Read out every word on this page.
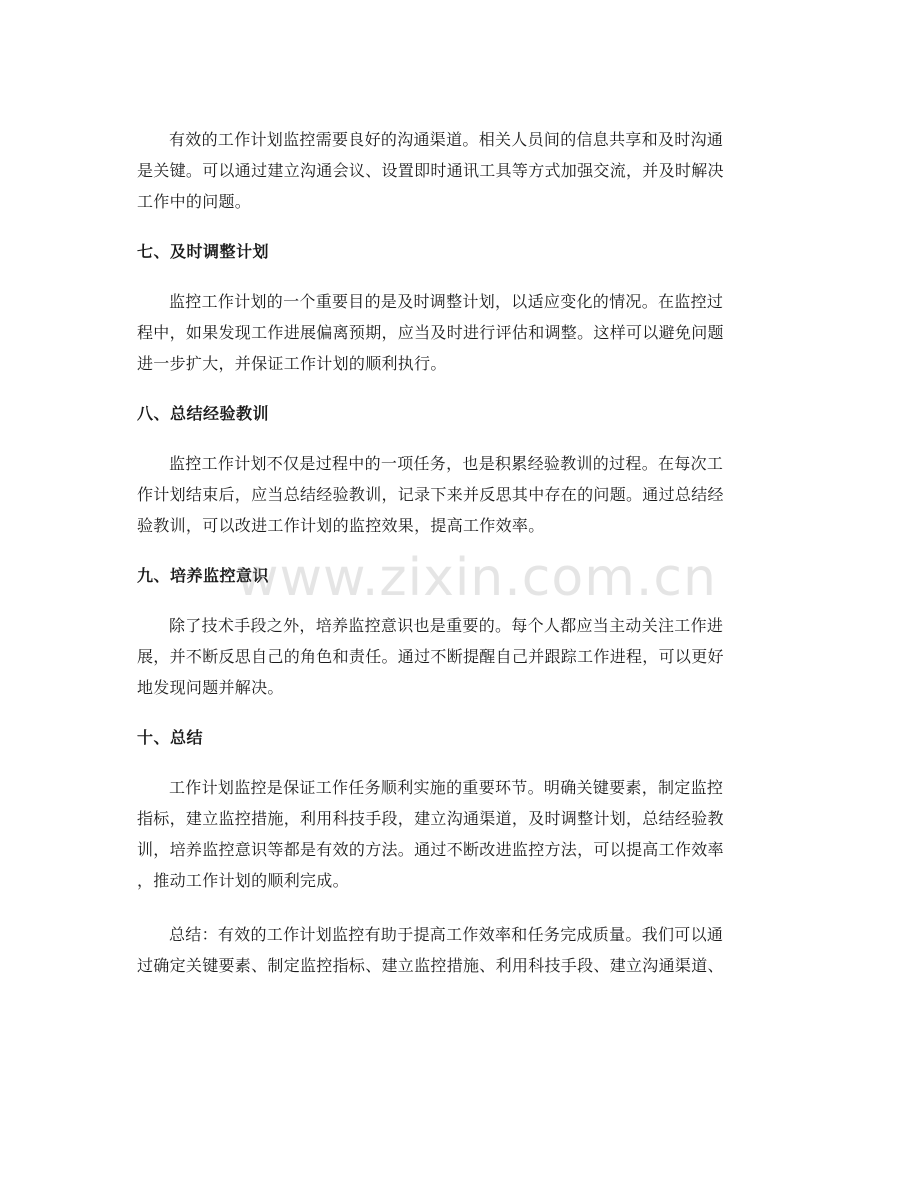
有效的工作计划监控需要良好的沟通渠道。相关人员间的信息共享和及时沟通
是关键。可以通过建立沟通会议、设置即时通讯工具等方式加强交流，并及时解决
工作中的问题。

七、及时调整计划

监控工作计划的一个重要目的是及时调整计划，以适应变化的情况。在监控过
程中，如果发现工作进展偏离预期，应当及时进行评估和调整。这样可以避免问题
进一步扩大，并保证工作计划的顺利执行。

八、总结经验教训

监控工作计划不仅是过程中的一项任务，也是积累经验教训的过程。在每次工
作计划结束后，应当总结经验教训，记录下来并反思其中存在的问题。通过总结经
验教训，可以改进工作计划的监控效果，提高工作效率。

九、培养监控意识

除了技术手段之外，培养监控意识也是重要的。每个人都应当主动关注工作进
展，并不断反思自己的角色和责任。通过不断提醒自己并跟踪工作进程，可以更好
地发现问题并解决。

十、总结

工作计划监控是保证工作任务顺利实施的重要环节。明确关键要素，制定监控
指标，建立监控措施，利用科技手段，建立沟通渠道，及时调整计划，总结经验教
训，培养监控意识等都是有效的方法。通过不断改进监控方法，可以提高工作效率
，推动工作计划的顺利完成。

总结：有效的工作计划监控有助于提高工作效率和任务完成质量。我们可以通
过确定关键要素、制定监控指标、建立监控措施、利用科技手段、建立沟通渠道、

www.zixin.com.cn
